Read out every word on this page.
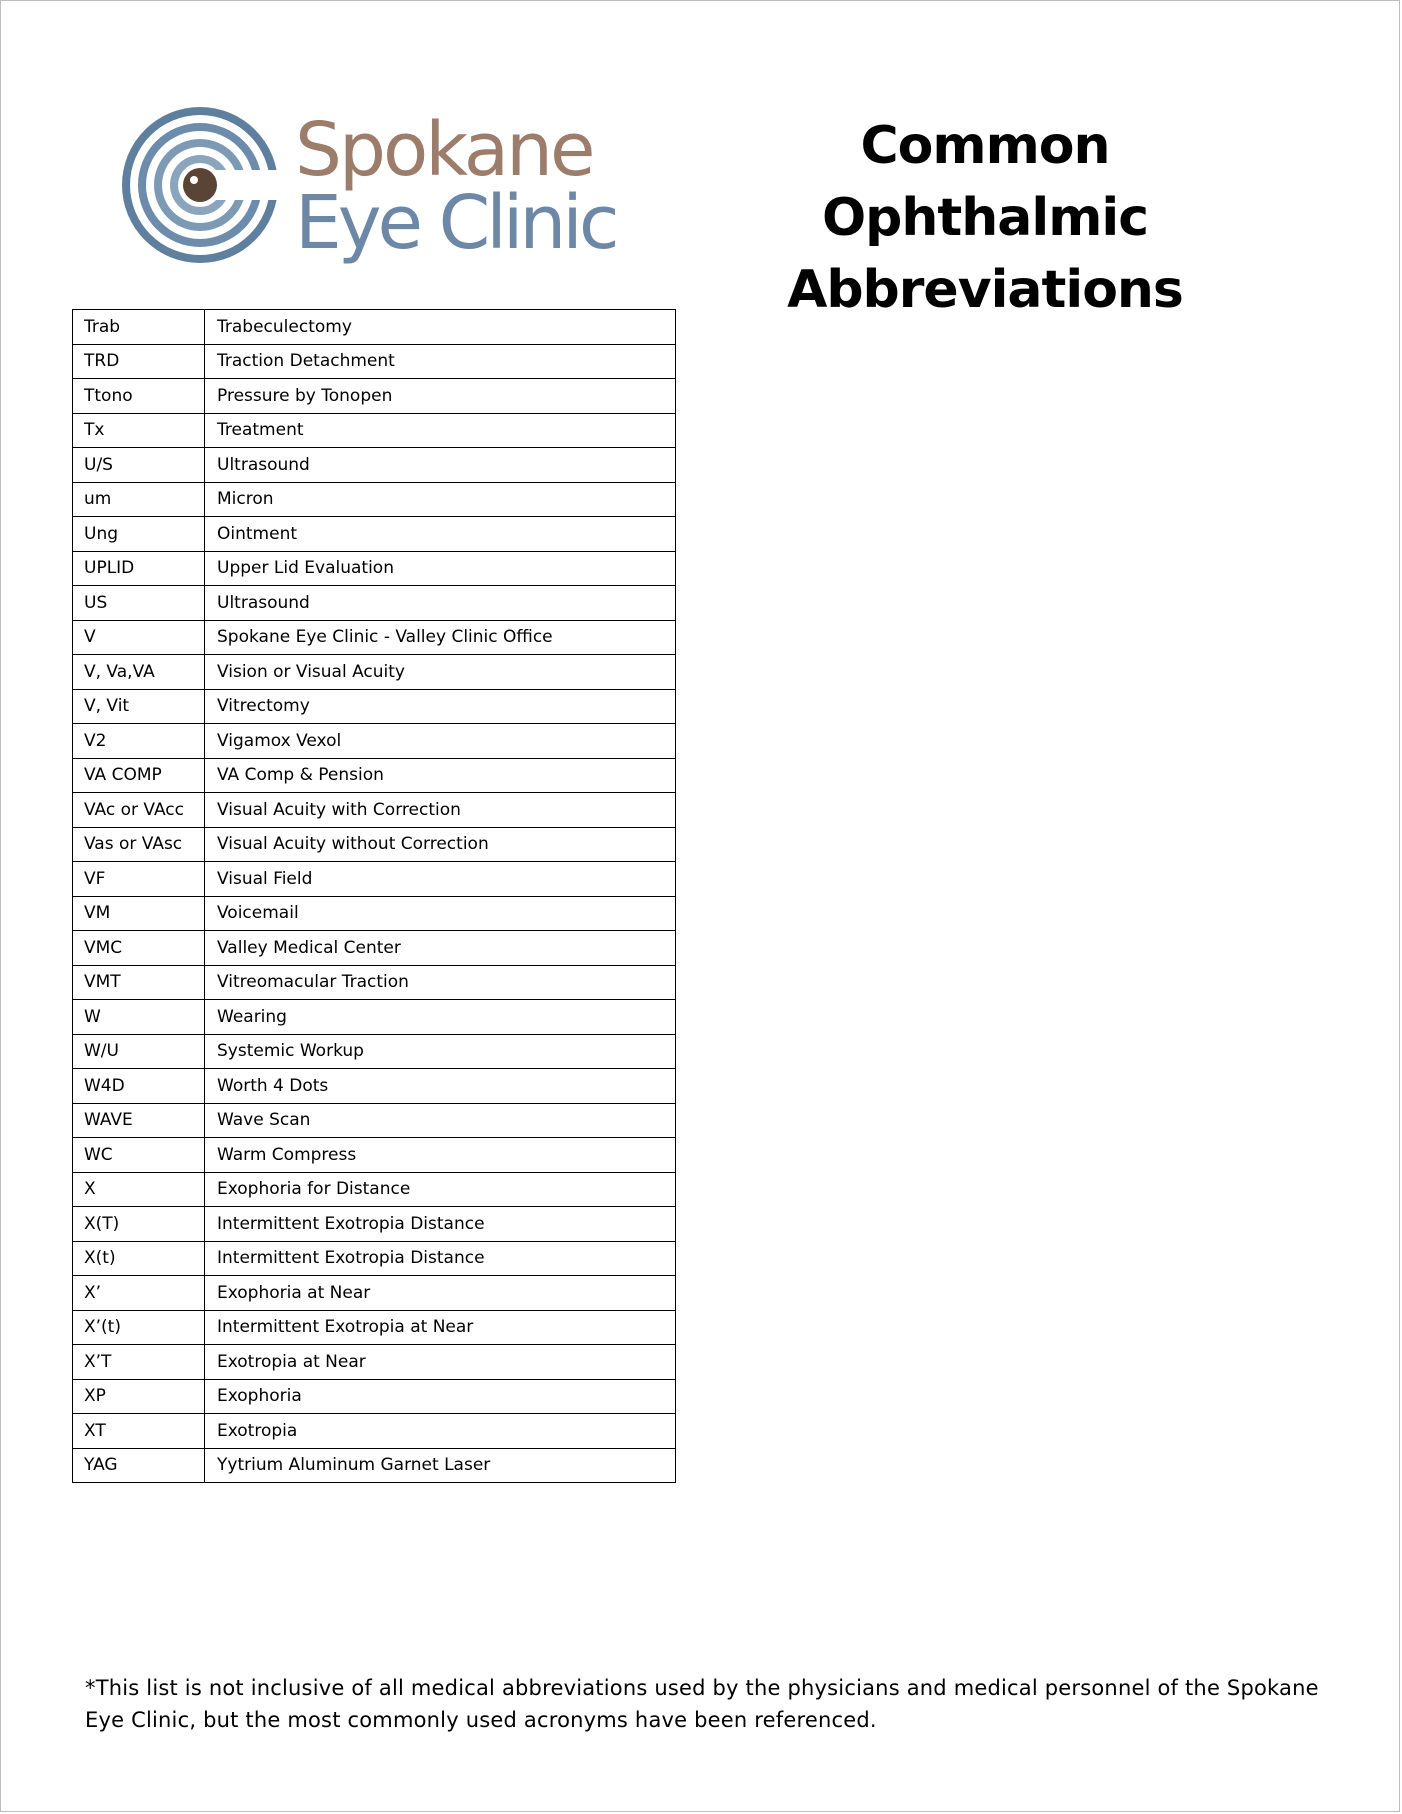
Spokane
Eye Clinic
Common Ophthalmic
Abbreviations
Trab	Trabeculectomy
TRD	Traction Detachment
Ttono	Pressure by Tonopen
Tx	Treatment
U/S	Ultrasound
um	Micron
Ung	Ointment
UPLID	Upper Lid Evaluation
US	Ultrasound
V	Spokane Eye Clinic - Valley Clinic Office
V, Va,VA	Vision or Visual Acuity
V, Vit	Vitrectomy
V2	Vigamox Vexol
VA COMP	VA Comp & Pension
VAc or VAcc	Visual Acuity with Correction
Vas or VAsc	Visual Acuity without Correction
VF	Visual Field
VM	Voicemail
VMC	Valley Medical Center
VMT	Vitreomacular Traction
W	Wearing
W/U	Systemic Workup
W4D	Worth 4 Dots
WAVE	Wave Scan
WC	Warm Compress
X	Exophoria for Distance
X(T)	Intermittent Exotropia Distance
X(t)	Intermittent Exotropia Distance
X’	Exophoria at Near
X’(t)	Intermittent Exotropia at Near
X’T	Exotropia at Near
XP	Exophoria
XT	Exotropia
YAG	Yytrium Aluminum Garnet Laser
*This list is not inclusive of all medical abbreviations used by the physicians and medical personnel of the Spokane Eye Clinic, but the most commonly used acronyms have been referenced.
